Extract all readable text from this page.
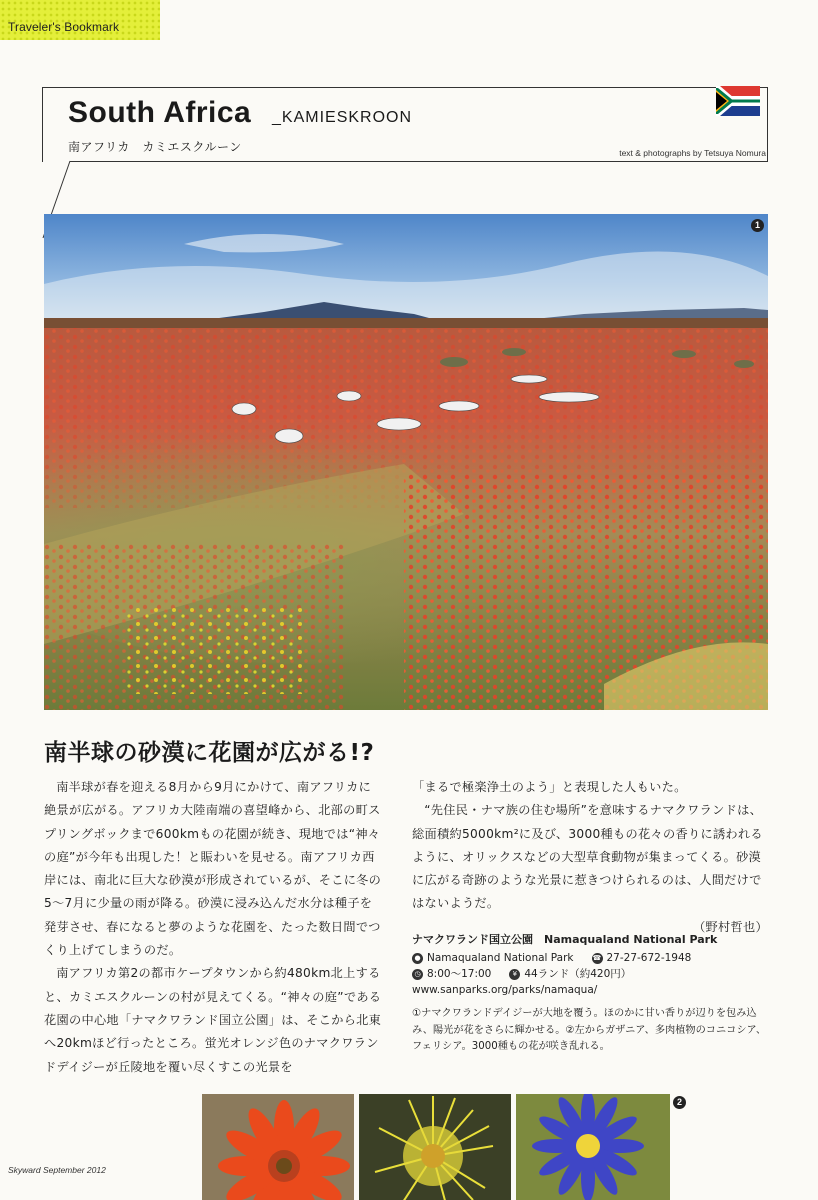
Traveler's Bookmark
South Africa _KAMIESKROON
南アフリカ　カミエスクルーン	text & photographs by Tetsuya Nomura
1
南半球の砂漠に花園が広がる!?

南半球が春を迎える8月から9月にかけて、南アフリカに絶景が広がる。アフリカ大陸南端の喜望峰から、北部の町スプリングボックまで600kmもの花園が続き、現地では“神々の庭”が今年も出現した！と賑わいを見せる。南アフリカ西岸には、南北に巨大な砂漠が形成されているが、そこに冬の5〜7月に少量の雨が降る。砂漠に浸み込んだ水分は種子を発芽させ、春になると夢のような花園を、たった数日間でつくり上げてしまうのだ。

南アフリカ第2の都市ケープタウンから約480km北上すると、カミエスクルーンの村が見えてくる。“神々の庭”である花園の中心地「ナマクワランド国立公園」は、そこから北東へ20kmほど行ったところ。蛍光オレンジ色のナマクワランドデイジーが丘陵地を覆い尽くすこの光景を

「まるで極楽浄土のよう」と表現した人もいた。

“先住民・ナマ族の住む場所”を意味するナマクワランドは、総面積約5000km²に及び、3000種もの花々の香りに誘われるように、オリックスなどの大型草食動物が集まってくる。砂漠に広がる奇跡のような光景に惹きつけられるのは、人間だけではないようだ。

（野村哲也）
ナマクワランド国立公園　Namaqualand National Park
● Namaqualand National Park	☎ 27-27-672-1948
◷ 8:00〜17:00	¥ 44ランド（約420円）
www.sanparks.org/parks/namaqua/
①ナマクワランドデイジーが大地を覆う。ほのかに甘い香りが辺りを包み込み、陽光が花をさらに輝かせる。②左からガザニア、多肉植物のコニコシア、フェリシア。3000種もの花が咲き乱れる。
2
Skyward September 2012
